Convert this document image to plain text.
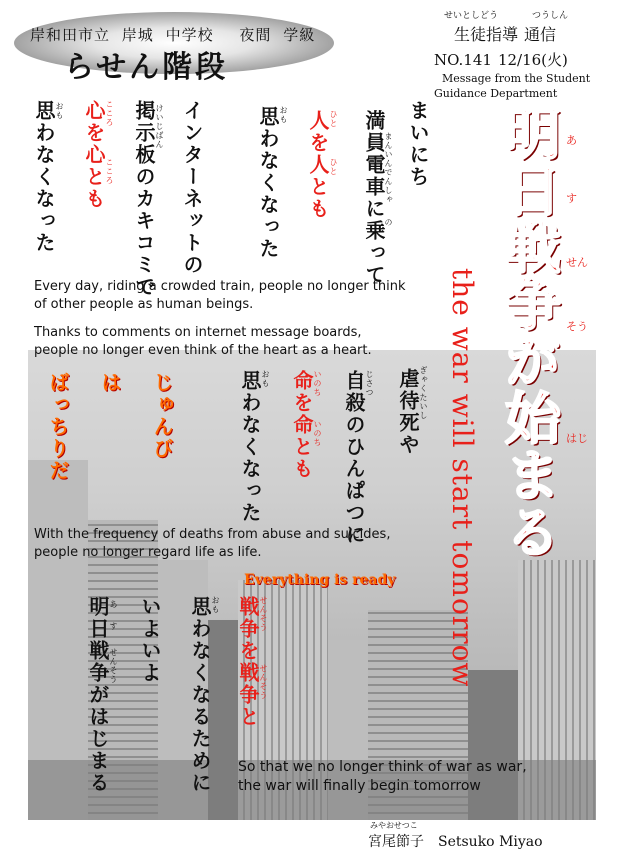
岸和田市立 岸城 中学校 夜間 学級
らせん階段
せいとしどう	つうしん
生徒指導 通信
NO.141 12/16(火)
Message from the Student
Guidance Department
まいにち
満員電車に乗って
まんいんでんしゃ
の
人を人とも ひと
ひと
思わなくなった おも
インターネットの
掲示板のカキコミで けいじばん
心を心とも こころ
こころ
思わなくなった おも

Every day, riding a crowded train, people no longer think

of other people as human beings.

Thanks to comments on internet message boards,

people no longer even think of the heart as a heart.

虐待死や ぎゃくたいし
自殺のひんぱつに じさつ
命を命とも いのち
いのち
思わなくなった おも
じゅんび
は
ばっちりだ

With the frequency of deaths from abuse and suicides,

people no longer regard life as life.

Everything is ready
思わなくなるために おも 戦争を戦争と せんそう
せんそう
いよいよ
明日戦争がはじまる あ
す
せんそう

So that we no longer think of war as war,

the war will finally begin tomorrow

明日戦争が始まる あ
す
せん
そう
はじ
the war will start tomorrow
みやおせつこ
宮尾節子 Setsuko Miyao
